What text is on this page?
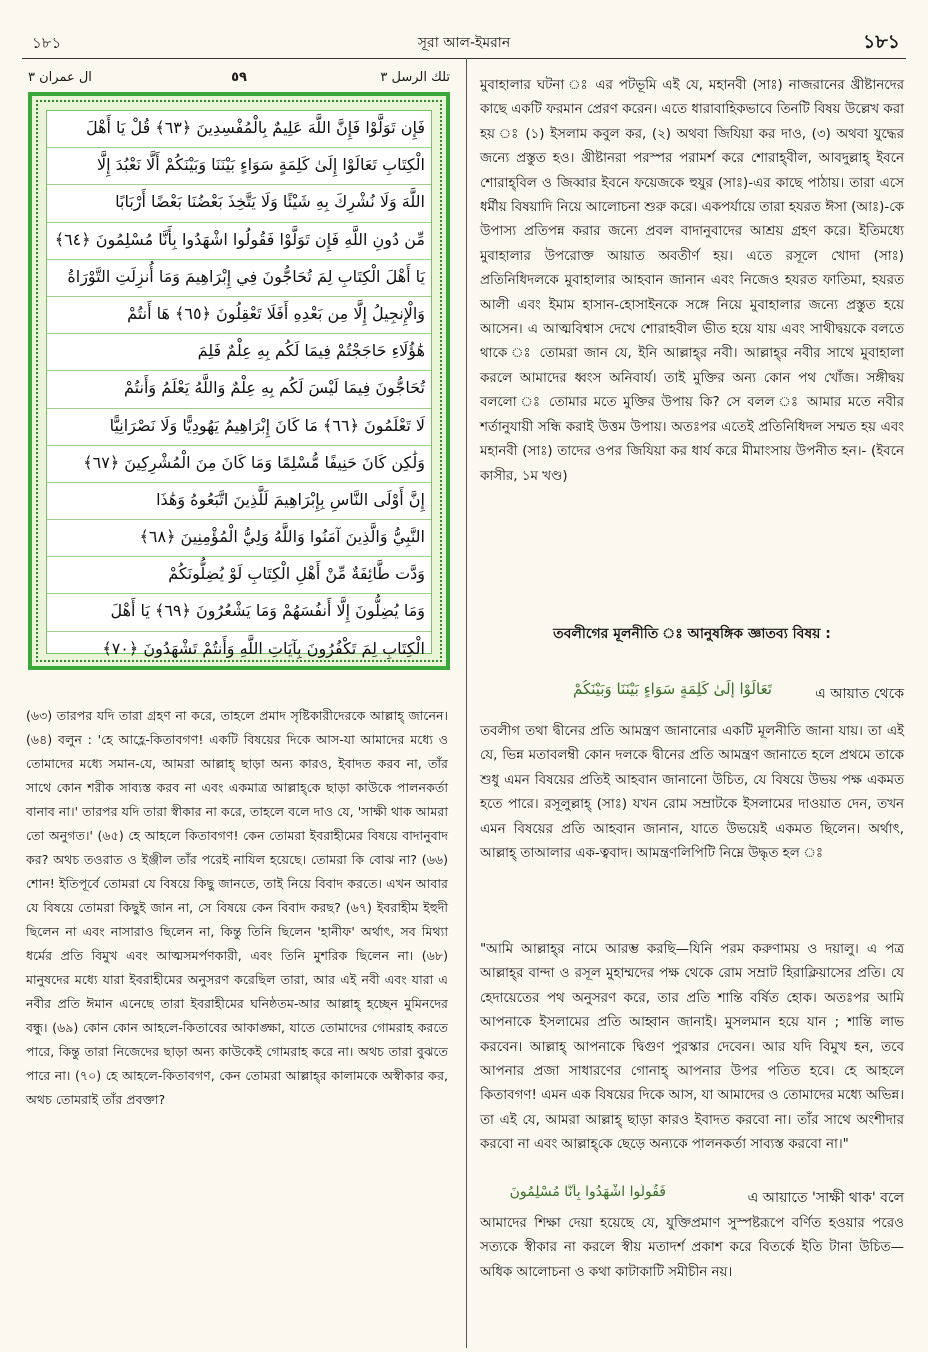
১৮১	সূরা আল-ইমরান	১৮১
تلك الرسل ٣
٥٩
ال عمران ٣
فَإِن تَوَلَّوْا فَإِنَّ اللَّهَ عَلِيمٌ بِالْمُفْسِدِينَ ﴿٦٣﴾ قُلْ يَا أَهْلَ
الْكِتَابِ تَعَالَوْا إِلَىٰ كَلِمَةٍ سَوَاءٍ بَيْنَنَا وَبَيْنَكُمْ أَلَّا نَعْبُدَ إِلَّا
اللَّهَ وَلَا نُشْرِكَ بِهِ شَيْئًا وَلَا يَتَّخِذَ بَعْضُنَا بَعْضًا أَرْبَابًا
مِّن دُونِ اللَّهِ فَإِن تَوَلَّوْا فَقُولُوا اشْهَدُوا بِأَنَّا مُسْلِمُونَ ﴿٦٤﴾
يَا أَهْلَ الْكِتَابِ لِمَ تُحَاجُّونَ فِي إِبْرَاهِيمَ وَمَا أُنزِلَتِ التَّوْرَاةُ
وَالْإِنجِيلُ إِلَّا مِن بَعْدِهِ أَفَلَا تَعْقِلُونَ ﴿٦٥﴾ هَا أَنتُمْ
هَٰؤُلَاءِ حَاجَجْتُمْ فِيمَا لَكُم بِهِ عِلْمٌ فَلِمَ
تُحَاجُّونَ فِيمَا لَيْسَ لَكُم بِهِ عِلْمٌ وَاللَّهُ يَعْلَمُ وَأَنتُمْ
لَا تَعْلَمُونَ ﴿٦٦﴾ مَا كَانَ إِبْرَاهِيمُ يَهُودِيًّا وَلَا نَصْرَانِيًّا
وَلَٰكِن كَانَ حَنِيفًا مُّسْلِمًا وَمَا كَانَ مِنَ الْمُشْرِكِينَ ﴿٦٧﴾
إِنَّ أَوْلَى النَّاسِ بِإِبْرَاهِيمَ لَلَّذِينَ اتَّبَعُوهُ وَهَٰذَا
النَّبِيُّ وَالَّذِينَ آمَنُوا وَاللَّهُ وَلِيُّ الْمُؤْمِنِينَ ﴿٦٨﴾
وَدَّت طَّائِفَةٌ مِّنْ أَهْلِ الْكِتَابِ لَوْ يُضِلُّونَكُمْ
وَمَا يُضِلُّونَ إِلَّا أَنفُسَهُمْ وَمَا يَشْعُرُونَ ﴿٦٩﴾ يَا أَهْلَ
الْكِتَابِ لِمَ تَكْفُرُونَ بِآيَاتِ اللَّهِ وَأَنتُمْ تَشْهَدُونَ ﴿٧٠﴾
(৬৩) তারপর যদি তারা গ্রহণ না করে, তাহলে প্রমাদ সৃষ্টিকারীদেরকে আল্লাহ্ জানেন। (৬৪) বলুন : 'হে আহ্লে-কিতাবগণ! একটি বিষয়ের দিকে আস-যা আমাদের মধ্যে ও তোমাদের মধ্যে সমান-যে, আমরা আল্লাহ্ ছাড়া অন্য কারও, ইবাদত করব না, তাঁর সাথে কোন শরীক সাব্যস্ত করব না এবং একমাত্র আল্লাহ্‌কে ছাড়া কাউকে পালনকর্তা বানাব না।' তারপর যদি তারা স্বীকার না করে, তাহলে বলে দাও যে, 'সাক্ষী থাক আমরা তো অনুগত।' (৬৫) হে আহলে কিতাবগণ! কেন তোমরা ইবরাহীমের বিষয়ে বাদানুবাদ কর? অথচ তওরাত ও ইঞ্জীল তাঁর পরেই নাযিল হয়েছে। তোমরা কি বোঝ না? (৬৬) শোন! ইতিপূর্বে তোমরা যে বিষয়ে কিছু জানতে, তাই নিয়ে বিবাদ করতে। এখন আবার যে বিষয়ে তোমরা কিছুই জান না, সে বিষয়ে কেন বিবাদ করছ? (৬৭) ইবরাহীম ইহুদী ছিলেন না এবং নাসারাও ছিলেন না, কিন্তু তিনি ছিলেন 'হানীফ' অর্থাৎ, সব মিথ্যা ধর্মের প্রতি বিমুখ এবং আত্মসমর্পণকারী, এবং তিনি মুশরিক ছিলেন না। (৬৮) মানুষদের মধ্যে যারা ইবরাহীমের অনুসরণ করেছিল তারা, আর এই নবী এবং যারা এ নবীর প্রতি ঈমান এনেছে তারা ইবরাহীমের ঘনিষ্ঠতম-আর আল্লাহ্ হচ্ছেন মুমিনদের বন্ধু। (৬৯) কোন কোন আহলে-কিতাবের আকাঙ্ক্ষা, যাতে তোমাদের গোমরাহ করতে পারে, কিন্তু তারা নিজেদের ছাড়া অন্য কাউকেই গোমরাহ করে না। অথচ তারা বুঝতে পারে না। (৭০) হে আহলে-কিতাবগণ, কেন তোমরা আল্লাহ্‌র কালামকে অস্বীকার কর, অথচ তোমরাই তাঁর প্রবক্তা?
মুবাহালার ঘটনা ঃ এর পটভূমি এই যে, মহানবী (সাঃ) নাজরানের খ্রীষ্টানদের কাছে একটি ফরমান প্রেরণ করেন। এতে ধারাবাহিকভাবে তিনটি বিষয় উল্লেখ করা হয় ঃ (১) ইসলাম কবুল কর, (২) অথবা জিযিয়া কর দাও, (৩) অথবা যুদ্ধের জন্যে প্রস্তুত হও। খ্রীষ্টানরা পরস্পর পরামর্শ করে শোরাহ্‌বীল, আবদুল্লাহ্ ইবনে শোরাহ্‌বিল ও জিব্বার ইবনে ফয়েজকে হুযুর (সাঃ)-এর কাছে পাঠায়। তারা এসে ধর্মীয় বিষয়াদি নিয়ে আলোচনা শুরু করে। একপর্যায়ে তারা হযরত ঈসা (আঃ)-কে উপাস্য প্রতিপন্ন করার জন্যে প্রবল বাদানুবাদের আশ্রয় গ্রহণ করে। ইতিমধ্যে মুবাহালার উপরোক্ত আয়াত অবতীর্ণ হয়। এতে রসূলে খোদা (সাঃ) প্রতিনিধিদলকে মুবাহালার আহবান জানান এবং নিজেও হযরত ফাতিমা, হযরত আলী এবং ইমাম হাসান-হোসাইনকে সঙ্গে নিয়ে মুবাহালার জন্যে প্রস্তুত হয়ে আসেন। এ আত্মবিশ্বাস দেখে শোরাহবীল ভীত হয়ে যায় এবং সাথীদ্বয়কে বলতে থাকে ঃ তোমরা জান যে, ইনি আল্লাহ্‌র নবী। আল্লাহ্‌র নবীর সাথে মুবাহালা করলে আমাদের ধ্বংস অনিবার্য। তাই মুক্তির অন্য কোন পথ খোঁজ। সঙ্গীদ্বয় বললো ঃ তোমার মতে মুক্তির উপায় কি? সে বলল ঃ আমার মতে নবীর শর্তানুযায়ী সন্ধি করাই উত্তম উপায়। অতঃপর এতেই প্রতিনিধিদল সম্মত হয় এবং মহানবী (সাঃ) তাদের ওপর জিযিয়া কর ধার্য করে মীমাংসায় উপনীত হন।- (ইবনে কাসীর, ১ম খণ্ড)
তবলীগের মূলনীতি ঃ আনুষঙ্গিক জ্ঞাতব্য বিষয় :
تَعَالَوْا إِلَىٰ كَلِمَةٍ سَوَاءٍ بَيْنَنَا وَبَيْنَكُمْ	এ আয়াত থেকে
তবলীগ তথা দ্বীনের প্রতি আমন্ত্রণ জানানোর একটি মূলনীতি জানা যায়। তা এই যে, ভিন্ন মতাবলম্বী কোন দলকে দ্বীনের প্রতি আমন্ত্রণ জানাতে হলে প্রথমে তাকে শুধু এমন বিষয়ের প্রতিই আহবান জানানো উচিত, যে বিষয়ে উভয় পক্ষ একমত হতে পারে। রসূলুল্লাহ্ (সাঃ) যখন রোম সম্রাটকে ইসলামের দাওয়াত দেন, তখন এমন বিষয়ের প্রতি আহবান জানান, যাতে উভয়েই একমত ছিলেন। অর্থাৎ, আল্লাহ্ তাআলার এক-ত্ববাদ। আমন্ত্রণলিপিটি নিম্নে উদ্ধৃত হল ঃ
"আমি আল্লাহ্‌র নামে আরম্ভ করছি—যিনি পরম করুণাময় ও দয়ালু। এ পত্র আল্লাহ্‌র বান্দা ও রসূল মুহাম্মদের পক্ষ থেকে রোম সম্রাট হিরাক্লিয়াসের প্রতি। যে হেদায়েতের পথ অনুসরণ করে, তার প্রতি শান্তি বর্ষিত হোক। অতঃপর আমি আপনাকে ইসলামের প্রতি আহ্বান জানাই। মুসলমান হয়ে যান ; শান্তি লাভ করবেন। আল্লাহ্ আপনাকে দ্বিগুণ পুরস্কার দেবেন। আর যদি বিমুখ হন, তবে আপনার প্রজা সাধারণের গোনাহ্ আপনার উপর পতিত হবে। হে আহলে কিতাবগণ! এমন এক বিষয়ের দিকে আস, যা আমাদের ও তোমাদের মধ্যে অভিন্ন। তা এই যে, আমরা আল্লাহ্ ছাড়া কারও ইবাদত করবো না। তাঁর সাথে অংশীদার করবো না এবং আল্লাহ্‌কে ছেড়ে অন্যকে পালনকর্তা সাব্যস্ত করবো না।"
فَقُولُوا اشْهَدُوا بِأَنَّا مُسْلِمُونَ	এ আয়াতে 'সাক্ষী থাক' বলে
আমাদের শিক্ষা দেয়া হয়েছে যে, যুক্তিপ্রমাণ সুস্পষ্টরূপে বর্ণিত হওয়ার পরেও সত্যকে স্বীকার না করলে স্বীয় মতাদর্শ প্রকাশ করে বিতর্কে ইতি টানা উচিত—অধিক আলোচনা ও কথা কাটাকাটি সমীচীন নয়।
